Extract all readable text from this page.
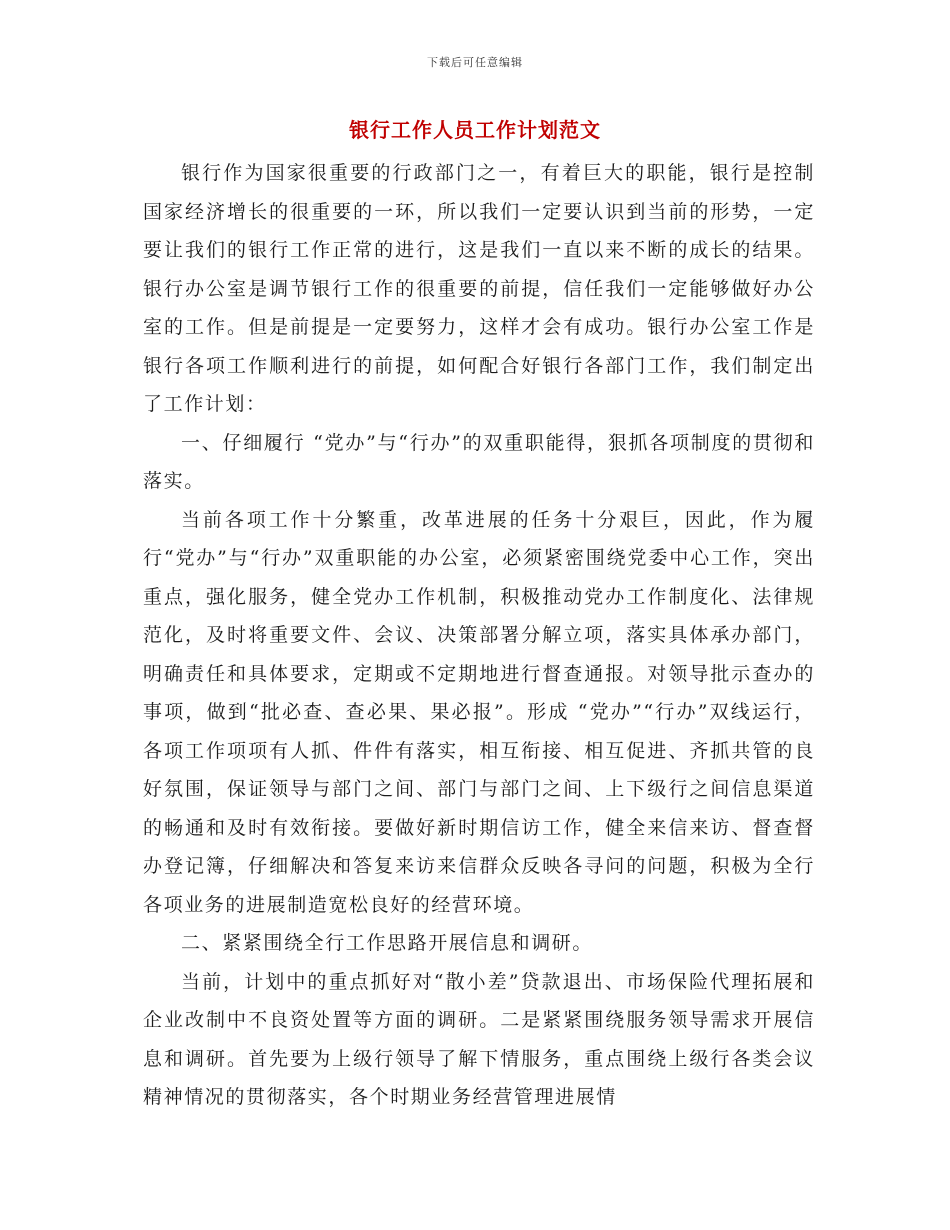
下载后可任意编辑
银行工作人员工作计划范文

银行作为国家很重要的行政部门之一，有着巨大的职能，银行是控制国家经济增长的很重要的一环，所以我们一定要认识到当前的形势，一定要让我们的银行工作正常的进行，这是我们一直以来不断的成长的结果。银行办公室是调节银行工作的很重要的前提，信任我们一定能够做好办公室的工作。但是前提是一定要努力，这样才会有成功。银行办公室工作是银行各项工作顺利进行的前提，如何配合好银行各部门工作，我们制定出了工作计划：

一、仔细履行 “党办”与“行办”的双重职能得，狠抓各项制度的贯彻和落实。

当前各项工作十分繁重，改革进展的任务十分艰巨，因此，作为履行“党办”与“行办”双重职能的办公室，必须紧密围绕党委中心工作，突出重点，强化服务，健全党办工作机制，积极推动党办工作制度化、法律规范化，及时将重要文件、会议、决策部署分解立项，落实具体承办部门，明确责任和具体要求，定期或不定期地进行督查通报。对领导批示查办的事项，做到“批必查、查必果、果必报”。形成 “党办”“行办”双线运行，各项工作项项有人抓、件件有落实，相互衔接、相互促进、齐抓共管的良好氛围，保证领导与部门之间、部门与部门之间、上下级行之间信息渠道的畅通和及时有效衔接。要做好新时期信访工作，健全来信来访、督查督办登记簿，仔细解决和答复来访来信群众反映各寻问的问题，积极为全行各项业务的进展制造宽松良好的经营环境。

二、紧紧围绕全行工作思路开展信息和调研。

当前，计划中的重点抓好对“散小差”贷款退出、市场保险代理拓展和企业改制中不良资处置等方面的调研。二是紧紧围绕服务领导需求开展信息和调研。首先要为上级行领导了解下情服务，重点围绕上级行各类会议精神情况的贯彻落实，各个时期业务经营管理进展情
